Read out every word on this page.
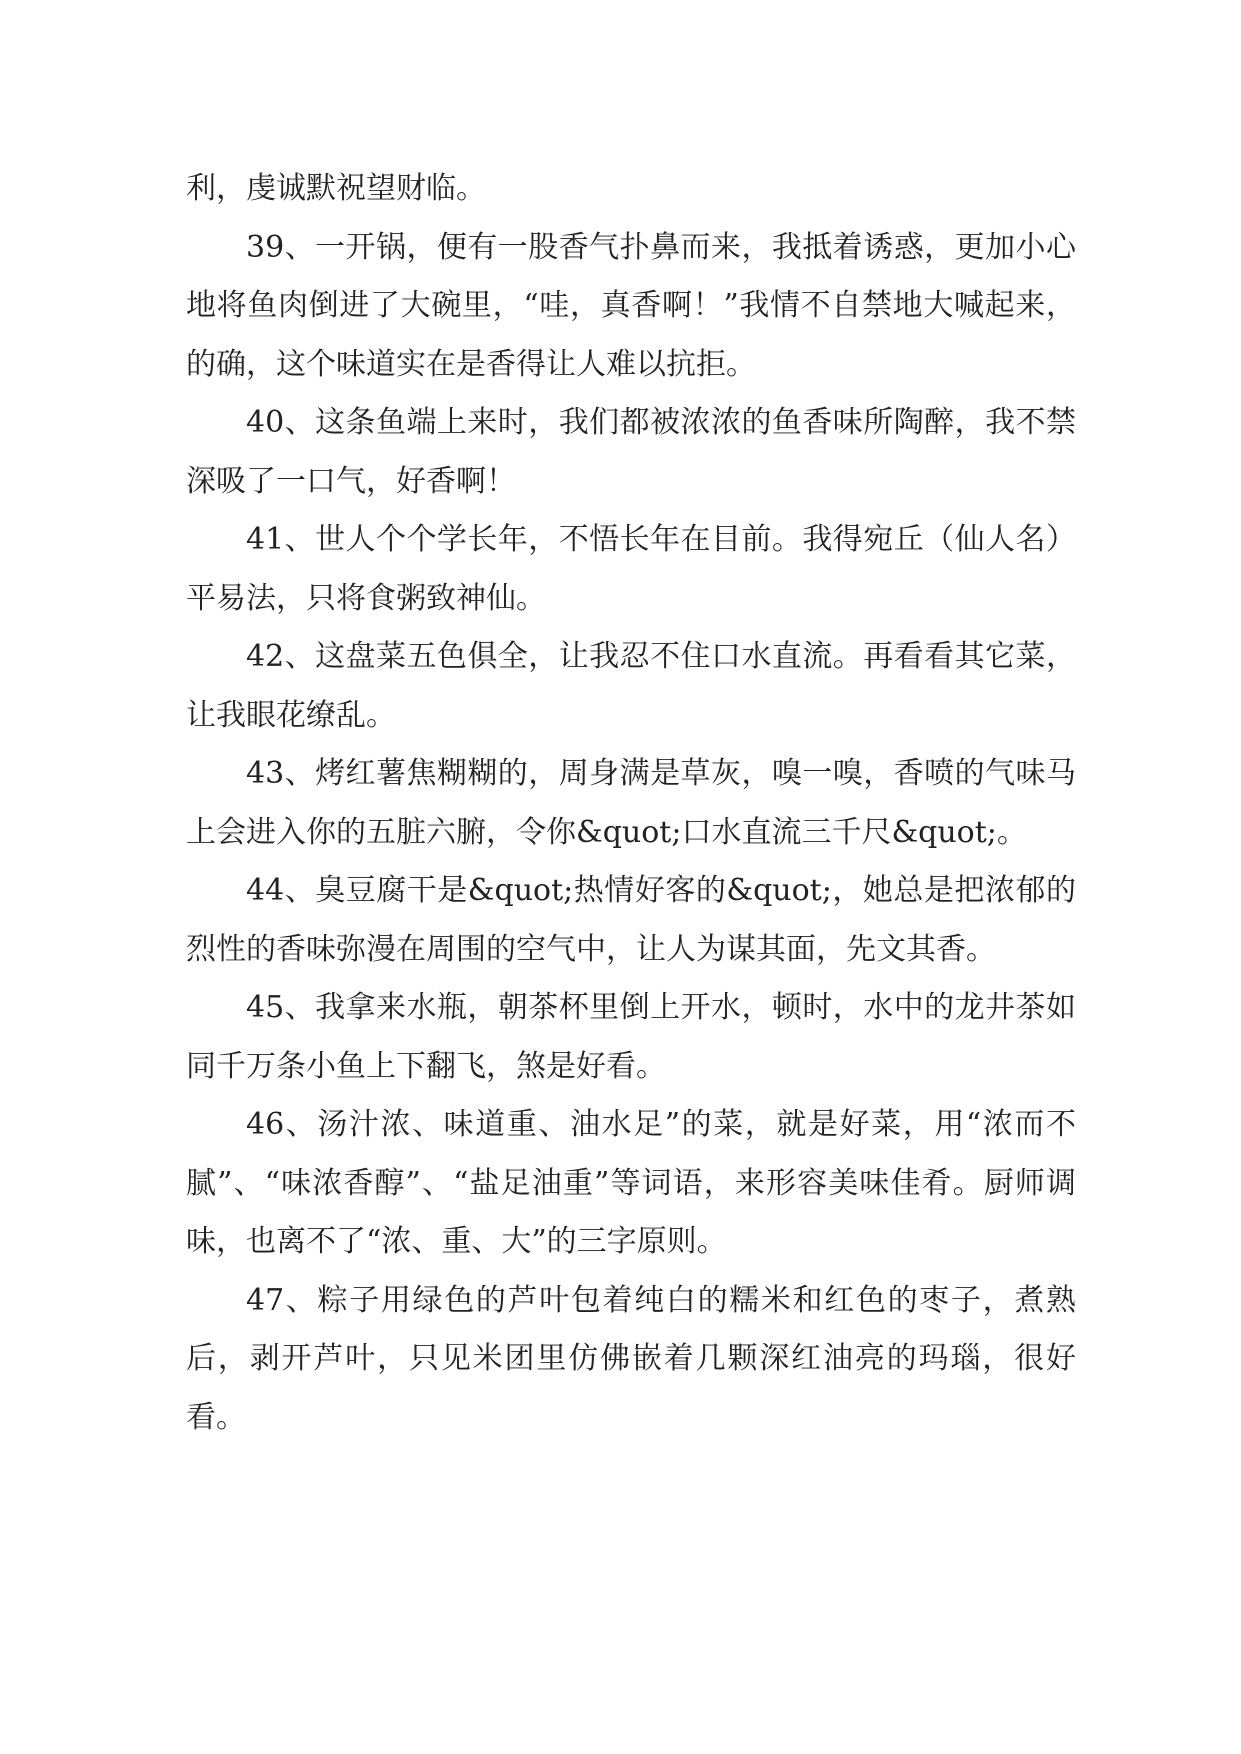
利，虔诚默祝望财临。

39、一开锅，便有一股香气扑鼻而来，我抵着诱惑，更加小心地将鱼肉倒进了大碗里，“哇，真香啊！”我情不自禁地大喊起来，的确，这个味道实在是香得让人难以抗拒。

40、这条鱼端上来时，我们都被浓浓的鱼香味所陶醉，我不禁深吸了一口气，好香啊！

41、世人个个学长年，不悟长年在目前。我得宛丘（仙人名）平易法，只将食粥致神仙。

42、这盘菜五色俱全，让我忍不住口水直流。再看看其它菜，让我眼花缭乱。

43、烤红薯焦糊糊的，周身满是草灰，嗅一嗅，香喷的气味马上会进入你的五脏六腑，令你&quot;口水直流三千尺&quot;。

44、臭豆腐干是&quot;热情好客的&quot;，她总是把浓郁的烈性的香味弥漫在周围的空气中，让人为谋其面，先文其香。

45、我拿来水瓶，朝茶杯里倒上开水，顿时，水中的龙井茶如同千万条小鱼上下翻飞，煞是好看。

46、汤汁浓、味道重、油水足”的菜，就是好菜，用“浓而不腻”、“味浓香醇”、“盐足油重”等词语，来形容美味佳肴。厨师调味，也离不了“浓、重、大”的三字原则。

47、粽子用绿色的芦叶包着纯白的糯米和红色的枣子，煮熟后，剥开芦叶，只见米团里仿佛嵌着几颗深红油亮的玛瑙，很好看。
